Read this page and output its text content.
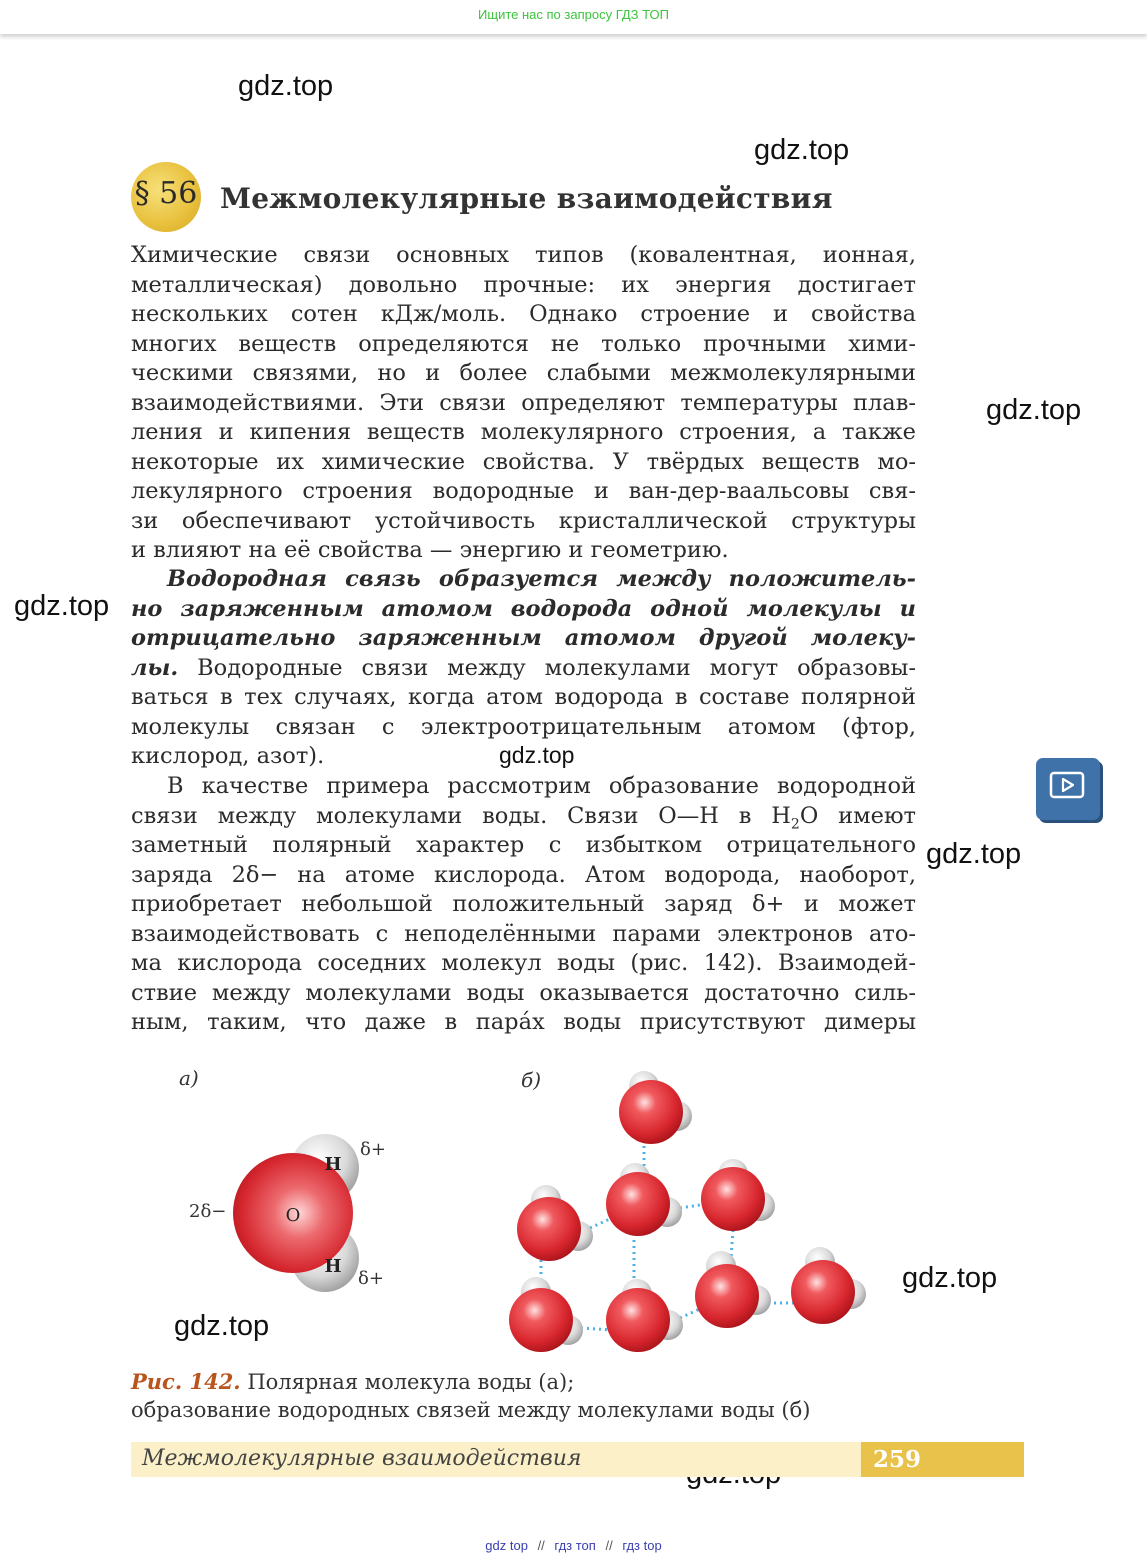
Ищите нас по запросу ГДЗ ТОП
gdz.top
gdz.top
gdz.top
gdz.top
gdz.top
gdz.top
gdz.top
gdz.top
§ 56 Межмолекулярные взаимодействия
Химические связи основных типов (ковалентная, ионная,
металлическая) довольно прочные: их энергия достигает
нескольких сотен кДж/моль. Однако строение и свойства
многих веществ определяются не только прочными хими-
ческими связями, но и более слабыми межмолекулярными
взаимодействиями. Эти связи определяют температуры плав-
ления и кипения веществ молекулярного строения, а также
некоторые их химические свойства. У твёрдых веществ мо-
лекулярного строения водородные и ван-дер-ваальсовы свя-
зи обеспечивают устойчивость кристаллической структуры
и влияют на её свойства — энергию и геометрию.
Водородная связь образуется между положитель-
но заряженным атомом водорода одной молекулы и
отрицательно заряженным атомом другой молеку-
лы. Водородные связи между молекулами могут образовы-
ваться в тех случаях, когда атом водорода в составе полярной
молекулы связан с электроотрицательным атомом (фтор,
кислород, азот).
В качестве примера рассмотрим образование водородной
связи между молекулами воды. Связи O—H в $H_2O$ имеют
заметный полярный характер с избытком отрицательного
заряда 2δ− на атоме кислорода. Атом водорода, наоборот,
приобретает небольшой положительный заряд δ+ и может
взаимодействовать с неподелёнными парами электронов ато-
ма кислорода соседних молекул воды (рис. 142). Взаимодей-
ствие между молекулами воды оказывается достаточно силь-
ным, таким, что даже в пара́х воды присутствуют димеры
а)	б)
2δ−
δ+
δ+
O
H
H
Рис. 142. Полярная молекула воды (а);
образование водородных связей между молекулами воды (б)
Межмолекулярные взаимодействия	259
gdz top // гдз топ // гдз top
